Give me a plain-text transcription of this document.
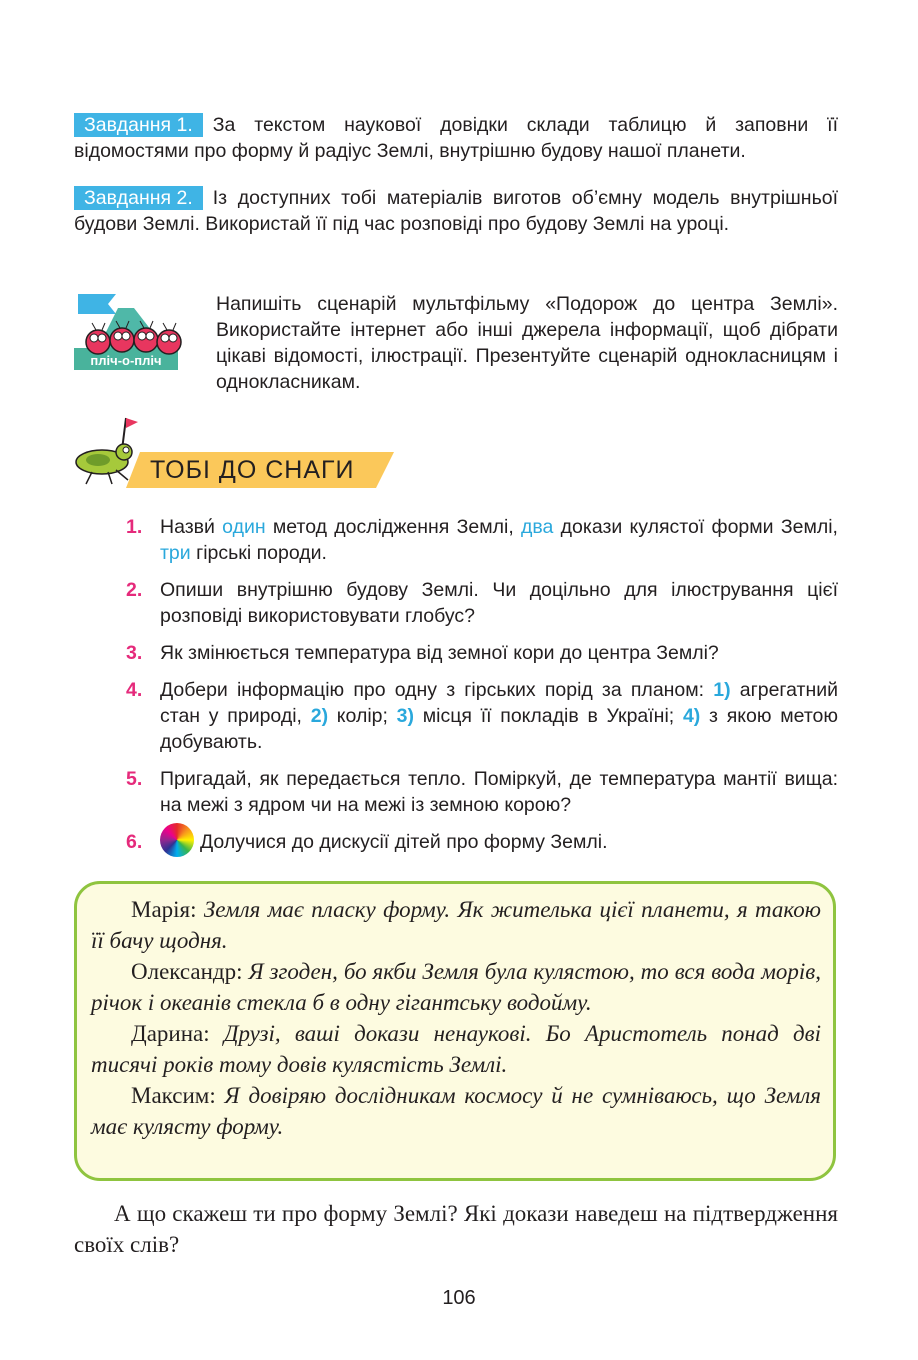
Завдання 1. За текстом наукової довідки склади таблицю й заповни її відомостями про форму й радіус Землі, внутрішню будову нашої планети.

Завдання 2. Із доступних тобі матеріалів виготов об’ємну модель внутрішньої будови Землі. Використай її під час розповіді про будову Землі на уроці.

пліч-о-пліч

Напишіть сценарій мультфільму «Подорож до центра Землі». Використайте інтернет або інші джерела інформації, щоб дібрати цікаві відомості, ілюстрації. Презентуйте сценарій однокласницям і однокласникам.

ТОБІ ДО СНАГИ
1. Назви́ один метод дослідження Землі, два докази кулястої форми Землі, три гірські породи.
2. Опиши внутрішню будову Землі. Чи доцільно для ілюстрування цієї розповіді використовувати глобус?
3. Як змінюється температура від земної кори до центра Землі?
4. Добери інформацію про одну з гірських порід за планом: 1) агрегатний стан у природі, 2) колір; 3) місця її покладів в Україні; 4) з якою метою добувають.
5. Пригадай, як передається тепло. Поміркуй, де температура мантії вища: на межі з ядром чи на межі із земною корою?
6.	Долучися до дискусії дітей про форму Землі.

Марія: Земля має пласку форму. Як жителька цієї планети, я такою її бачу щодня.

Олександр: Я згоден, бо якби Земля була кулястою, то вся вода морів, річок і океанів стекла б в одну гігантську водойму.

Дарина: Друзі, ваші докази ненаукові. Бо Аристотель понад дві тисячі років тому довів кулястість Землі.

Максим: Я довіряю дослідникам космосу й не сумніваюсь, що Земля має кулясту форму.

А що скажеш ти про форму Землі? Які докази наведеш на підтвердження своїх слів?

106
